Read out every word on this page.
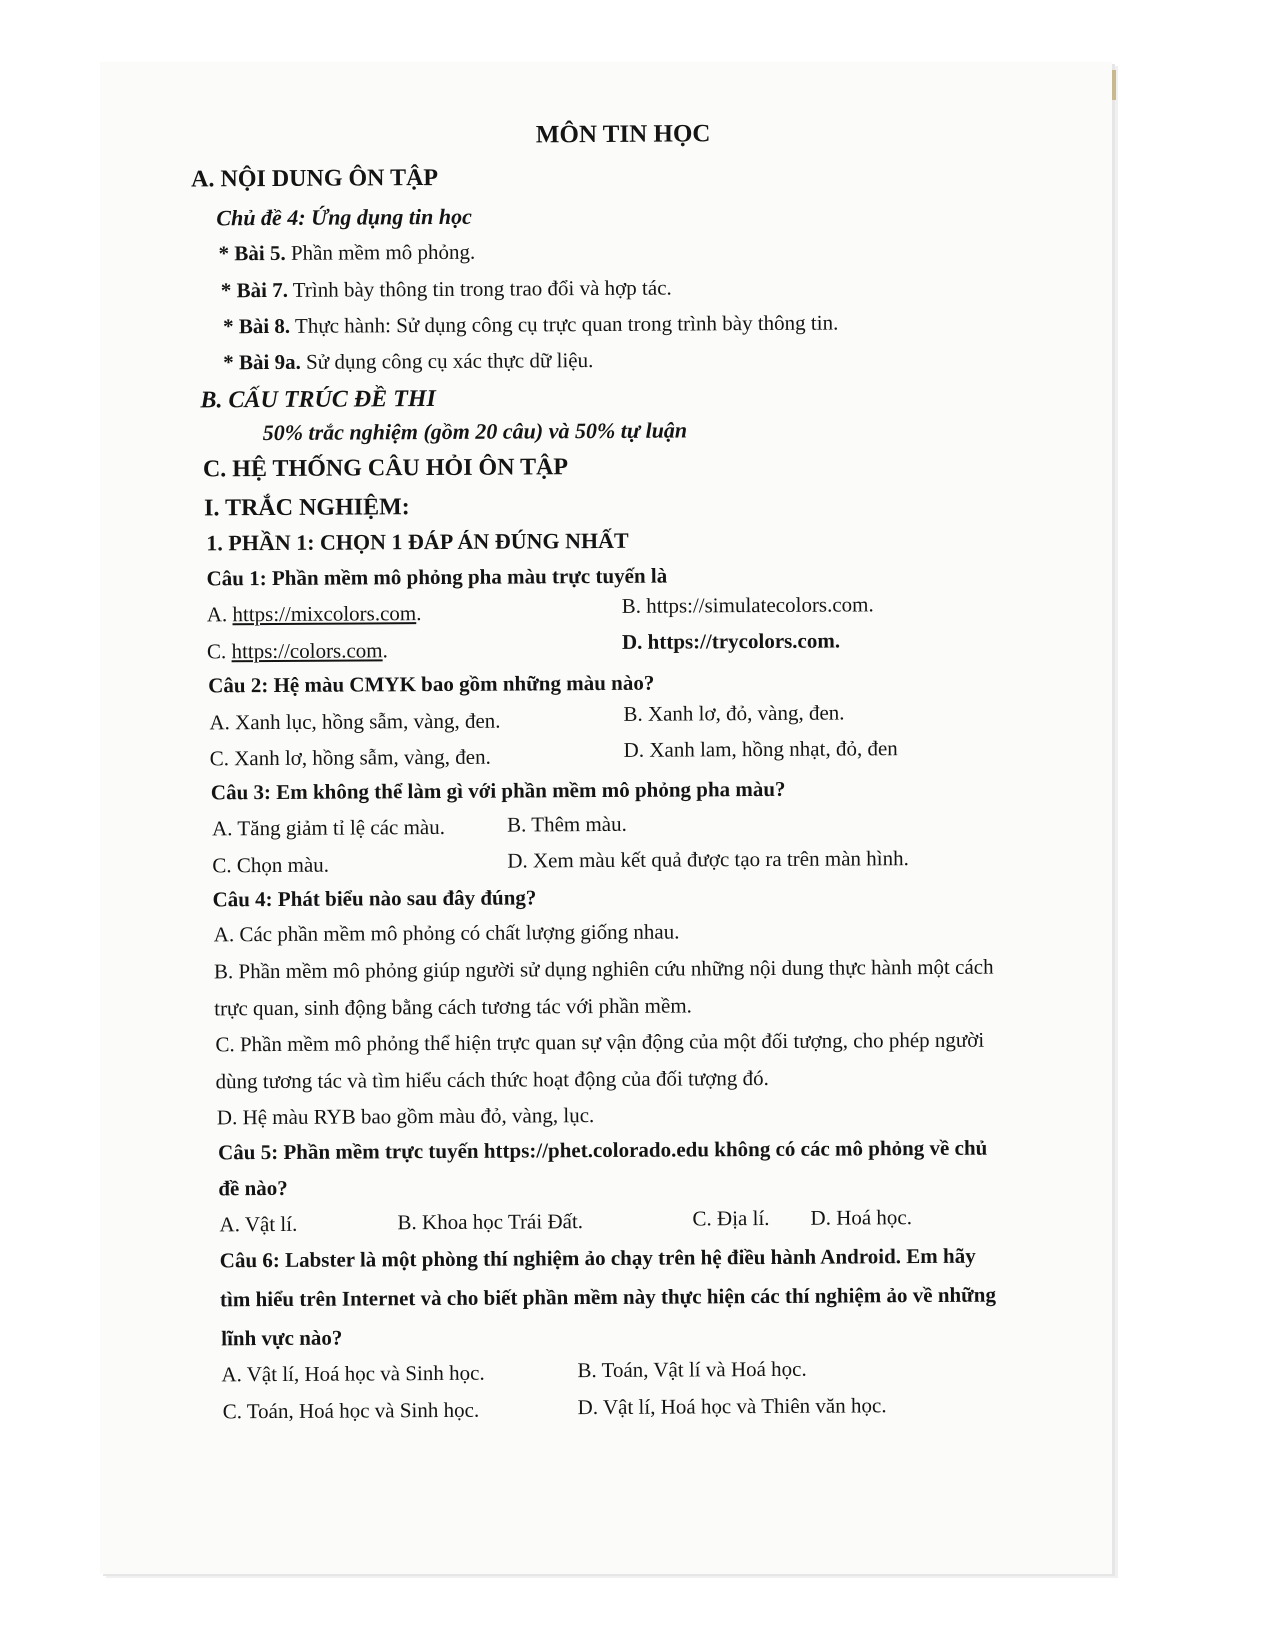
MÔN TIN HỌC
A. NỘI DUNG ÔN TẬP
Chủ đề 4: Ứng dụng tin học
* Bài 5. Phần mềm mô phỏng.
* Bài 7. Trình bày thông tin trong trao đổi và hợp tác.
* Bài 8. Thực hành: Sử dụng công cụ trực quan trong trình bày thông tin.
* Bài 9a. Sử dụng công cụ xác thực dữ liệu.
B. CẤU TRÚC ĐỀ THI
50% trắc nghiệm (gồm 20 câu) và 50% tự luận
C. HỆ THỐNG CÂU HỎI ÔN TẬP
I. TRẮC NGHIỆM:
1. PHẦN 1: CHỌN 1 ĐÁP ÁN ĐÚNG NHẤT
Câu 1: Phần mềm mô phỏng pha màu trực tuyến là
A. https://mixcolors.com.	B. https://simulatecolors.com.
C. https://colors.com.	D. https://trycolors.com.
Câu 2: Hệ màu CMYK bao gồm những màu nào?
A. Xanh lục, hồng sẫm, vàng, đen.	B. Xanh lơ, đỏ, vàng, đen.
C. Xanh lơ, hồng sẫm, vàng, đen.	D. Xanh lam, hồng nhạt, đỏ, đen
Câu 3: Em không thể làm gì với phần mềm mô phỏng pha màu?
A. Tăng giảm tỉ lệ các màu.	B. Thêm màu.
C. Chọn màu.	D. Xem màu kết quả được tạo ra trên màn hình.
Câu 4: Phát biểu nào sau đây đúng?
A. Các phần mềm mô phỏng có chất lượng giống nhau.
B. Phần mềm mô phỏng giúp người sử dụng nghiên cứu những nội dung thực hành một cách
trực quan, sinh động bằng cách tương tác với phần mềm.
C. Phần mềm mô phỏng thể hiện trực quan sự vận động của một đối tượng, cho phép người
dùng tương tác và tìm hiểu cách thức hoạt động của đối tượng đó.
D. Hệ màu RYB bao gồm màu đỏ, vàng, lục.
Câu 5: Phần mềm trực tuyến https://phet.colorado.edu không có các mô phỏng về chủ
đề nào?
A. Vật lí.	B. Khoa học Trái Đất.	C. Địa lí. D. Hoá học.
Câu 6: Labster là một phòng thí nghiệm ảo chạy trên hệ điều hành Android. Em hãy
tìm hiểu trên Internet và cho biết phần mềm này thực hiện các thí nghiệm ảo về những
lĩnh vực nào?
A. Vật lí, Hoá học và Sinh học.	B. Toán, Vật lí và Hoá học.
C. Toán, Hoá học và Sinh học.	D. Vật lí, Hoá học và Thiên văn học.
